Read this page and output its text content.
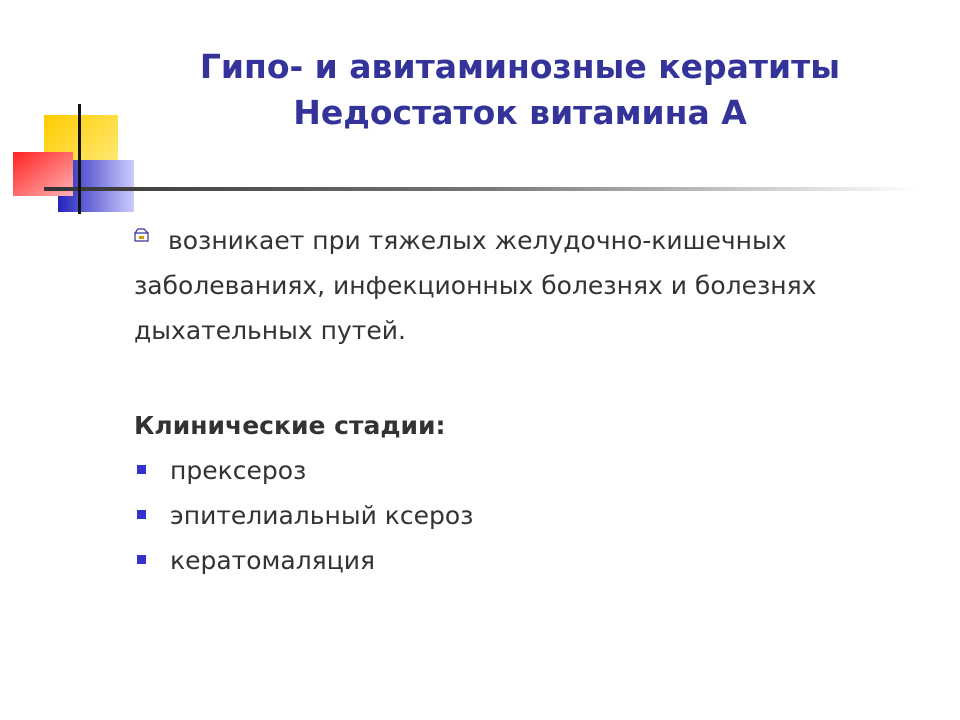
Гипо- и авитаминозные кератиты
Недостаток витамина А

возникает при тяжелых желудочно-кишечных заболеваниях, инфекционных болезнях и болезнях дыхательных путей.

Клинические стадии:
прексероз
эпителиальный ксероз
кератомаляция
